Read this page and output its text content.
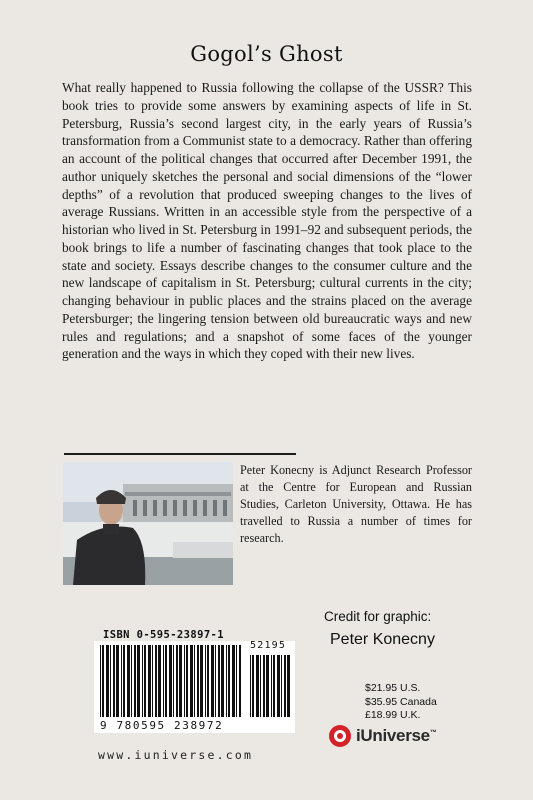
Gogol’s Ghost

What really happened to Russia following the collapse of the USSR? This book tries to provide some answers by examining aspects of life in St. Petersburg, Russia’s second largest city, in the early years of Russia’s transformation from a Communist state to a democracy. Rather than offering an account of the political changes that occurred after December 1991, the author uniquely sketches the personal and social dimensions of the “lower depths” of a revolution that produced sweeping changes to the lives of average Russians. Written in an accessible style from the perspective of a historian who lived in St. Petersburg in 1991–92 and subsequent periods, the book brings to life a number of fascinating changes that took place to the state and society. Essays describe changes to the consumer culture and the new landscape of capitalism in St. Petersburg; cultural currents in the city; changing behaviour in public places and the strains placed on the average Petersburger; the lingering tension between old bureaucratic ways and new rules and regulations; and a snapshot of some faces of the younger generation and the ways in which they coped with their new lives.

Peter Konecny is Adjunct Research Professor at the Centre for European and Russian Studies, Carleton University, Ottawa. He has travelled to Russia a number of times for research.

ISBN 0-595-23897-1
9 780595 238972
52195
www.iuniverse.com
Credit for graphic:
Peter Konecny
$21.95 U.S.
$35.95 Canada
£18.99 U.K.
iUniverse™
